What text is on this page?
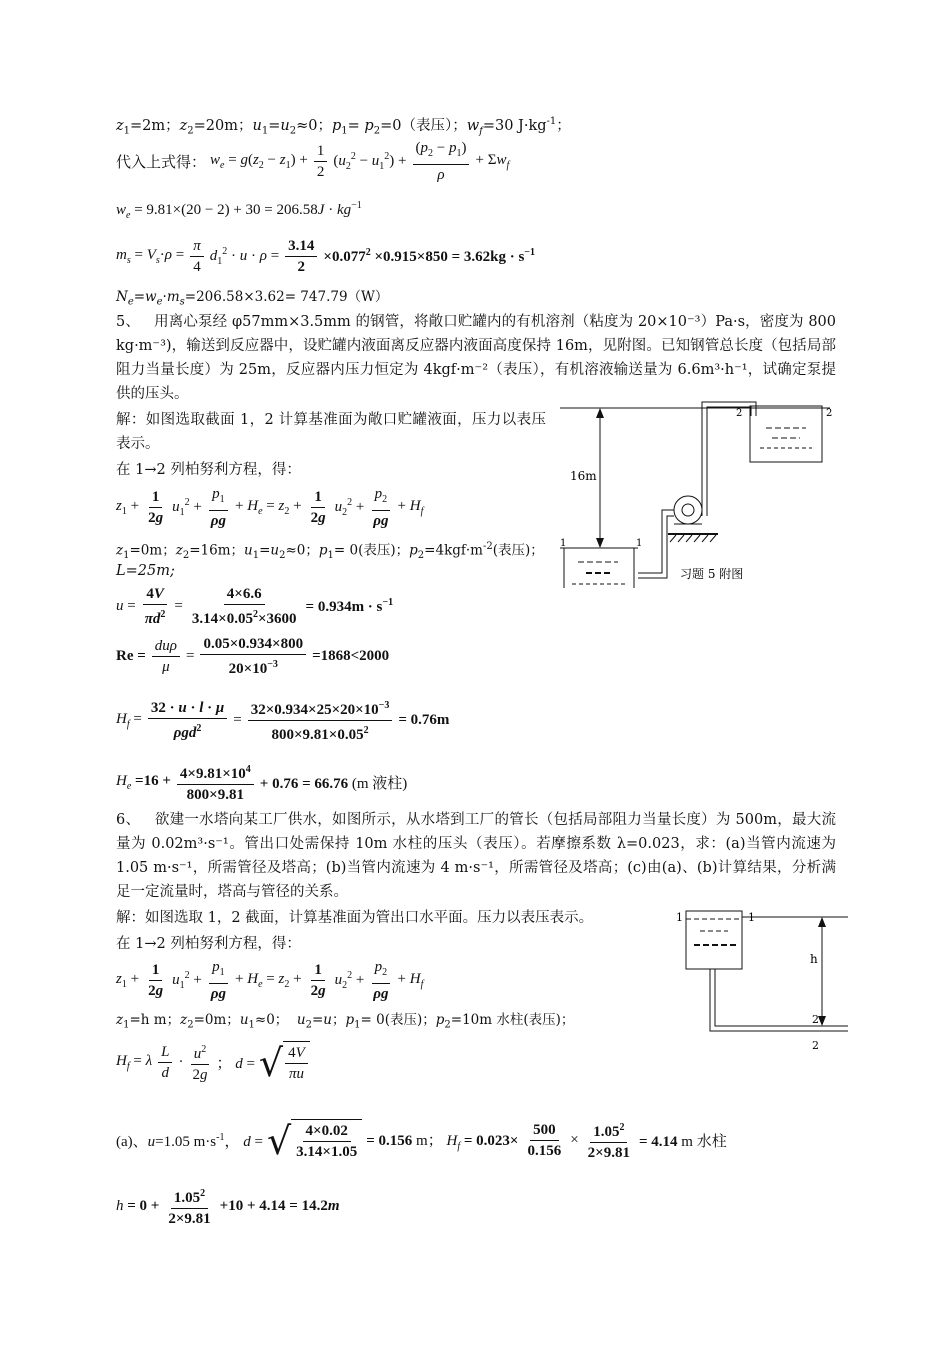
$z_1=2m$；$z_2=20m$；$u_1=u_2\approx 0$；$p_1= p_2=0$（表压）；$w_f=30$ $J\cdot kg^{-1}$；
代入上式得： $w_e = g(z_2 - z_1) + \frac{1}{2} (u_2^2 - u_1^2) + \frac{(p_2 - p_1)}{\rho} + \Sigma w_f$
$w_e = 9.81\times(20 - 2) + 30 = 206.58J \cdot kg^{-1}$
$m_s = V_s\cdot\rho = \frac{\pi}{4} d_1^2 \cdot u \cdot \rho = \frac{3.14}{2} \times 0.077^2 \times 0.915\times 850 = 3.62kg \cdot s^{-1}$
$N_e=w_e\cdot m_s=206.58\times 3.62= 747.79(W)$
5、 用离心泵经 φ57mm×3.5mm 的钢管，将敞口贮罐内的有机溶剂（粘度为 20×10⁻³）Pa·s，密度为 800 kg·m⁻³)，输送到反应器中，设贮罐内液面离反应器内液面高度保持 16m，见附图。已知钢管总长度（包括局部阻力当量长度）为 25m，反应器内压力恒定为 4kgf·m⁻²（表压），有机溶液输送量为 6.6m³·h⁻¹，试确定泵提供的压头。
解：如图选取截面 1，2 计算基准面为敞口贮罐液面，压力以表压表示。
在 1→2 列柏努利方程，得：
$z_1 + \frac{1}{2g} u_1^2 + \frac{p_1}{\rho g} + H_e = z_2 + \frac{1}{2g} u_2^2 + \frac{p_2}{\rho g} + H_f$
$z_1=0m$；$z_2=16m$；$u_1=u_2\approx 0$；$p_1= 0$(表压)；$p_2=4kgf\cdot m^{-2}$(表压)；
L=25m;
$u = \frac{4V}{\pi d^2} = \frac{4\times 6.6}{3.14\times 0.05^2\times 3600} = 0.934m \cdot s^{-1}$
$Re = \frac{\text{duρ}}{\mu} = \frac{0.05\times 0.934\times 800}{20\times 10^{-3}} =1868<2000$
$H_f = \frac{32 \cdot u \cdot l \cdot \mu}{\rho gd^2} = \frac{32\times 0.934\times 25\times 20\times 10^{-3}}{800\times 9.81\times 0.05^2} = 0.76m$
$H_e =16 + \frac{4\times 9.81\times 10^4}{800\times 9.81} + 0.76 = 66.76$ (m 液柱)
16m
2	2
1	1
习题 5 附图
6、 欲建一水塔向某工厂供水，如图所示，从水塔到工厂的管长（包括局部阻力当量长度）为 500m，最大流量为 0.02m³·s⁻¹。管出口处需保持 10m 水柱的压头（表压）。若摩擦系数 λ=0.023，求：(a)当管内流速为 1.05 m·s⁻¹，所需管径及塔高；(b)当管内流速为 4 m·s⁻¹，所需管径及塔高；(c)由(a)、(b)计算结果，分析满足一定流量时，塔高与管径的关系。
解：如图选取 1，2 截面，计算基准面为管出口水平面。压力以表压表示。
在 1→2 列柏努利方程，得：
$z_1 + \frac{1}{2g} u_1^2 + \frac{p_1}{\rho g} + H_e = z_2 + \frac{1}{2g} u_2^2 + \frac{p_2}{\rho g} + H_f$
$z_1=h$ m；$z_2=0m$；$u_1\approx 0$；  $u_2=u$；$p_1= 0$(表压)；$p_2=10m$ 水柱(表压)；
$H_f = \lambda \frac{L}{d} \cdot \frac{u^2}{2g}$ ； d = √ $\frac{4V}{\pi u}$
(a)、u=1.05 $m\cdot s^{-1}$， d = √ $\frac{4\times 0.02}{3.14\times 1.05} = 0.156$ m； $H_f = 0.023\times \frac{500}{0.156} \times \frac{1.05^2}{2\times 9.81} = 4.14$ m 水柱
$h = 0 + \frac{1.05^2}{2\times 9.81} +10 + 4.14 = 14.2m$
h
1	1
2
2
